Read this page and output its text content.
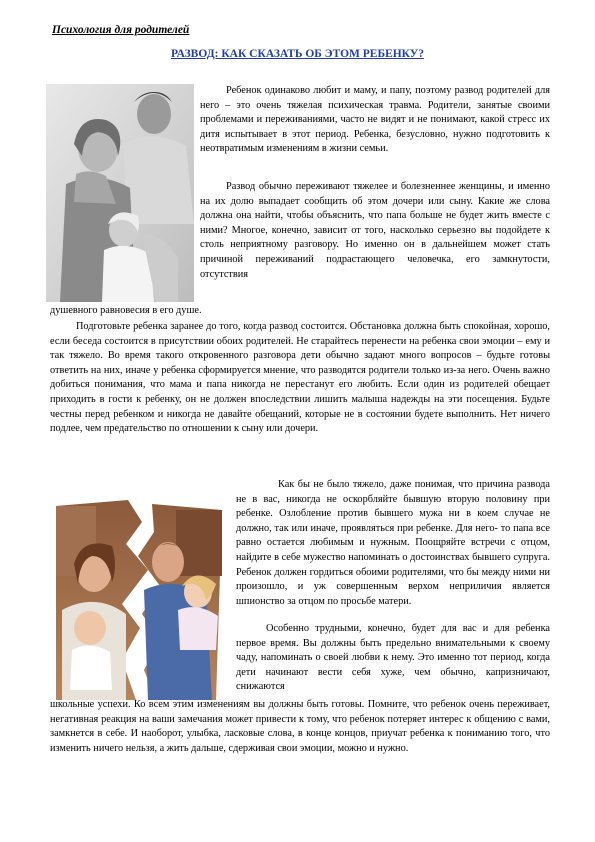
Психология для родителей
РАЗВОД: КАК СКАЗАТЬ ОБ ЭТОМ РЕБЕНКУ?

Ребенок одинаково любит и маму, и папу, поэтому развод родителей для него – это очень тяжелая психическая травма. Родители, занятые своими проблемами и переживаниями, часто не видят и не понимают, какой стресс их дитя испытывает в этот период. Ребенка, безусловно, нужно подготовить к неотвратимым изменениям в жизни семьи.

Развод обычно переживают тяжелее и болезненнее женщины, и именно на их долю выпадает сообщить об этом дочери или сыну. Какие же слова должна она найти, чтобы объяснить, что папа больше не будет жить вместе с ними? Многое, конечно, зависит от того, насколько серьезно вы подойдете к столь неприятному разговору. Но именно он в дальнейшем может стать причиной переживаний подрастающего человечка, его замкнутости, отсутствия

душевного равновесия в его душе.

Подготовьте ребенка заранее до того, когда развод состоится. Обстановка должна быть спокойная, хорошо, если беседа состоится в присутствии обоих родителей. Не старайтесь перенести на ребенка свои эмоции – ему и так тяжело. Во время такого откровенного разговора дети обычно задают много вопросов – будьте готовы ответить на них, иначе у ребенка сформируется мнение, что разводятся родители только из-за него. Очень важно добиться понимания, что мама и папа никогда не перестанут его любить. Если один из родителей обещает приходить в гости к ребенку, он не должен впоследствии лишить малыша надежды на эти посещения. Будьте честны перед ребенком и никогда не давайте обещаний, которые не в состоянии будете выполнить. Нет ничего подлее, чем предательство по отношении к сыну или дочери.

Как бы не было тяжело, даже понимая, что причина развода не в вас, никогда не оскорбляйте бывшую вторую половину при ребенке. Озлобление против бывшего мужа ни в коем случае не должно, так или иначе, проявляться при ребенке. Для него- то папа все равно остается любимым и нужным. Поощряйте встречи с отцом, найдите в себе мужество напоминать о достоинствах бывшего супруга. Ребенок должен гордиться обоими родителями, что бы между ними ни произошло, и уж совершенным верхом неприличия является шпионство за отцом по просьбе матери.

Особенно трудными, конечно, будет для вас и для ребенка первое время. Вы должны быть предельно внимательными к своему чаду, напоминать о своей любви к нему. Это именно тот период, когда дети начинают вести себя хуже, чем обычно, капризничают, снижаются

школьные успехи. Ко всем этим изменениям вы должны быть готовы. Помните, что ребенок очень переживает, негативная реакция на ваши замечания может привести к тому, что ребенок потеряет интерес к общению с вами, замкнется в себе. И наоборот, улыбка, ласковые слова, в конце концов, приучат ребенка к пониманию того, что изменить ничего нельзя, а жить дальше, сдерживая свои эмоции, можно и нужно.
